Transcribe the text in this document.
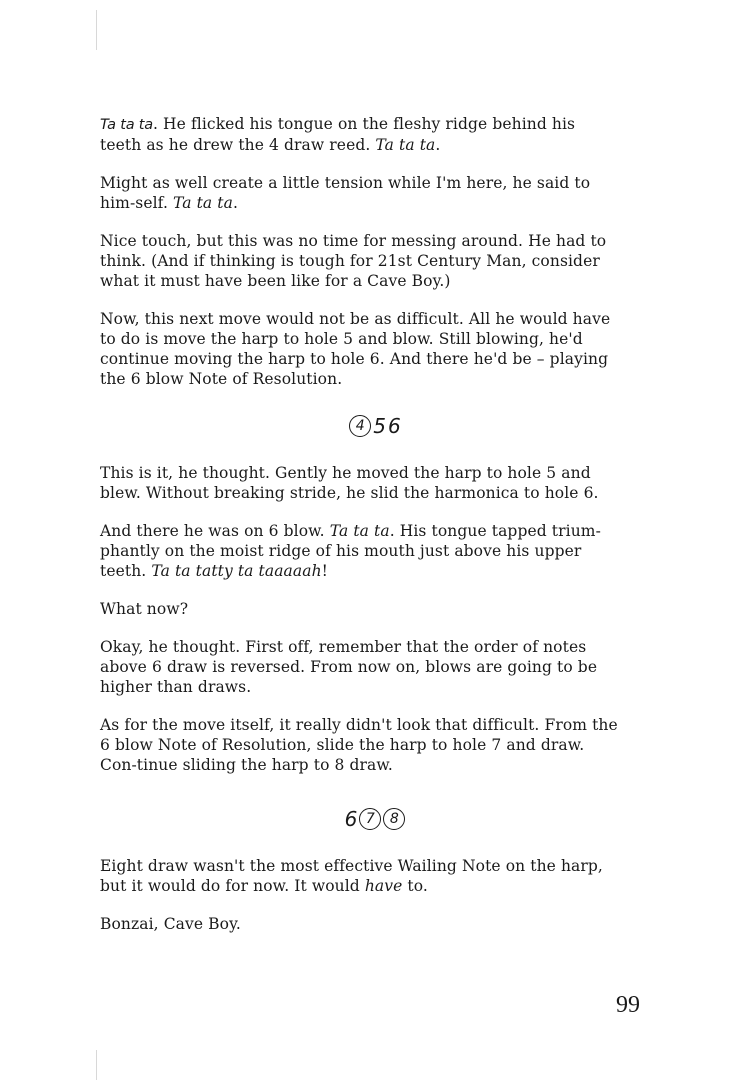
Ta ta ta. He flicked his tongue on the fleshy ridge behind his teeth as he drew the 4 draw reed. Ta ta ta.

Might as well create a little tension while I'm here, he said to him-self. Ta ta ta.

Nice touch, but this was no time for messing around. He had to think. (And if thinking is tough for 21st Century Man, consider what it must have been like for a Cave Boy.)

Now, this next move would not be as difficult. All he would have to do is move the harp to hole 5 and blow. Still blowing, he'd continue moving the harp to hole 6. And there he'd be – playing the 6 blow Note of Resolution.

4 5 6

This is it, he thought. Gently he moved the harp to hole 5 and blew. Without breaking stride, he slid the harmonica to hole 6.

And there he was on 6 blow. Ta ta ta. His tongue tapped trium-phantly on the moist ridge of his mouth just above his upper teeth. Ta ta tatty ta taaaaah!

What now?

Okay, he thought. First off, remember that the order of notes above 6 draw is reversed. From now on, blows are going to be higher than draws.

As for the move itself, it really didn't look that difficult. From the 6 blow Note of Resolution, slide the harp to hole 7 and draw. Con-tinue sliding the harp to 8 draw.

6 7 8

Eight draw wasn't the most effective Wailing Note on the harp, but it would do for now. It would have to.

Bonzai, Cave Boy.

99
